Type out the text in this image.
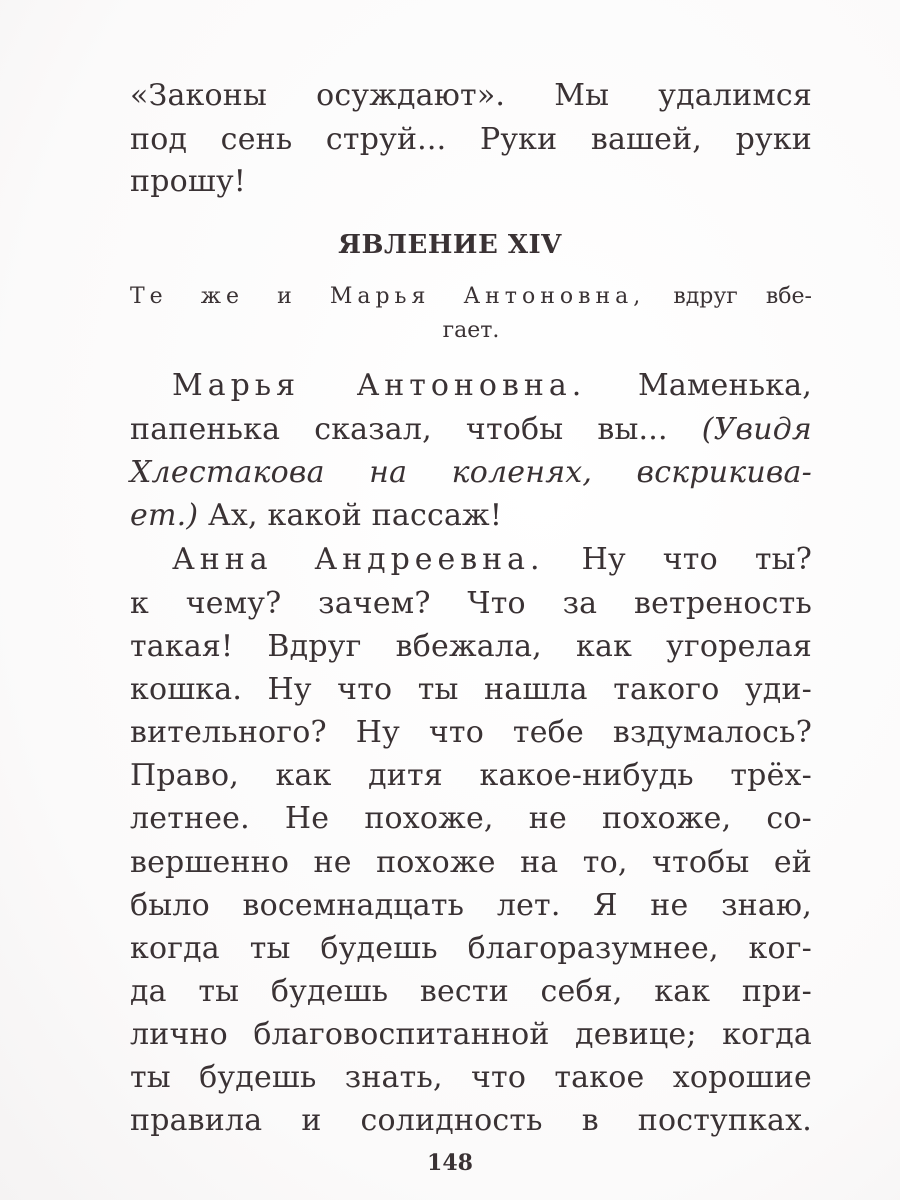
«Законы осуждают». Мы удалимся
под сень струй... Руки вашей, руки
прошу!
ЯВЛЕНИЕ XIV
Те же и Марья Антоновна, вдруг вбе-
гает.
Марья Антоновна. Маменька,
папенька сказал, чтобы вы... (Увидя
Хлестакова на коленях, вскрикива-
ет.) Ах, какой пассаж!
Анна Андреевна. Ну что ты?
к чему? зачем? Что за ветреность
такая! Вдруг вбежала, как угорелая
кошка. Ну что ты нашла такого уди-
вительного? Ну что тебе вздумалось?
Право, как дитя какое-нибудь трёх-
летнее. Не похоже, не похоже, со-
вершенно не похоже на то, чтобы ей
было восемнадцать лет. Я не знаю,
когда ты будешь благоразумнее, ког-
да ты будешь вести себя, как при-
лично благовоспитанной девице; когда
ты будешь знать, что такое хорошие
правила и солидность в поступках.
148
